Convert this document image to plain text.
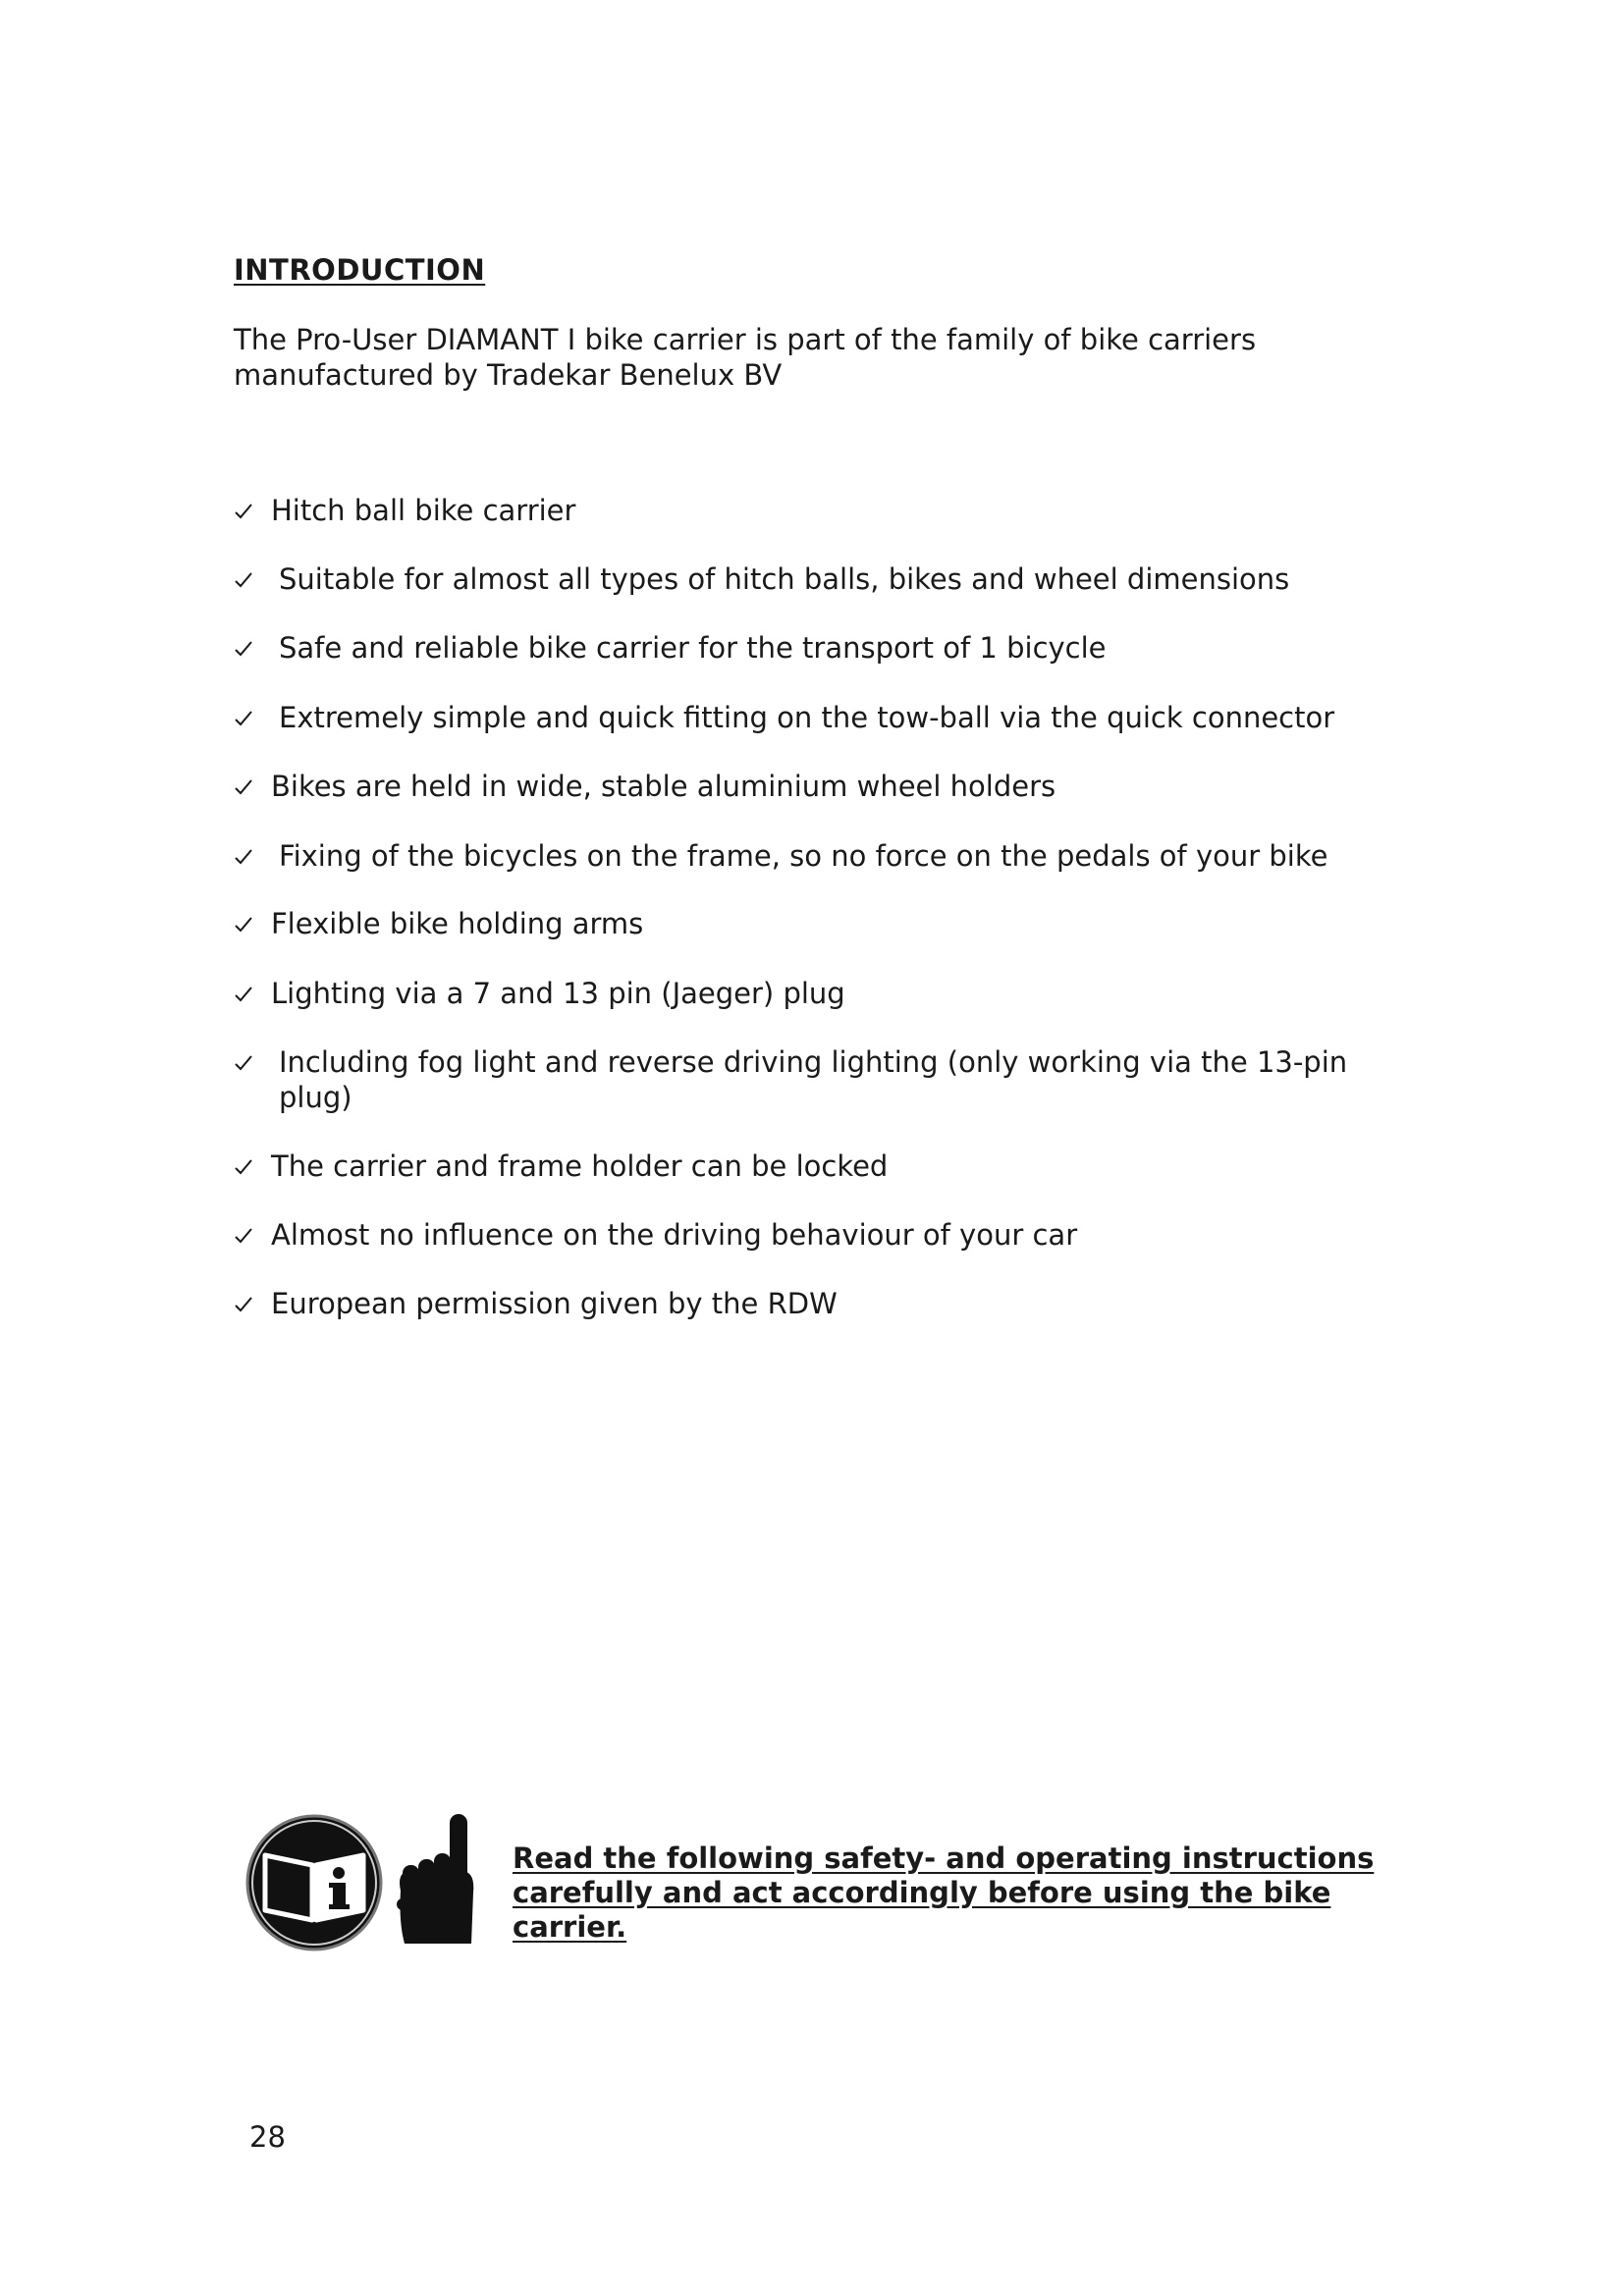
INTRODUCTION

The Pro-User DIAMANT I bike carrier is part of the family of bike carriers manufactured by Tradekar Benelux BV

Hitch ball bike carrier
Suitable for almost all types of hitch balls, bikes and wheel dimensions
Safe and reliable bike carrier for the transport of 1 bicycle
Extremely simple and quick fitting on the tow-ball via the quick connector
Bikes are held in wide, stable aluminium wheel holders
Fixing of the bicycles on the frame, so no force on the pedals of your bike
Flexible bike holding arms
Lighting via a 7 and 13 pin (Jaeger) plug
Including fog light and reverse driving lighting (only working via the 13-pin plug)
The carrier and frame holder can be locked
Almost no influence on the driving behaviour of your car
European permission given by the RDW

Read the following safety- and operating instructions carefully and act accordingly before using the bike carrier.

28
